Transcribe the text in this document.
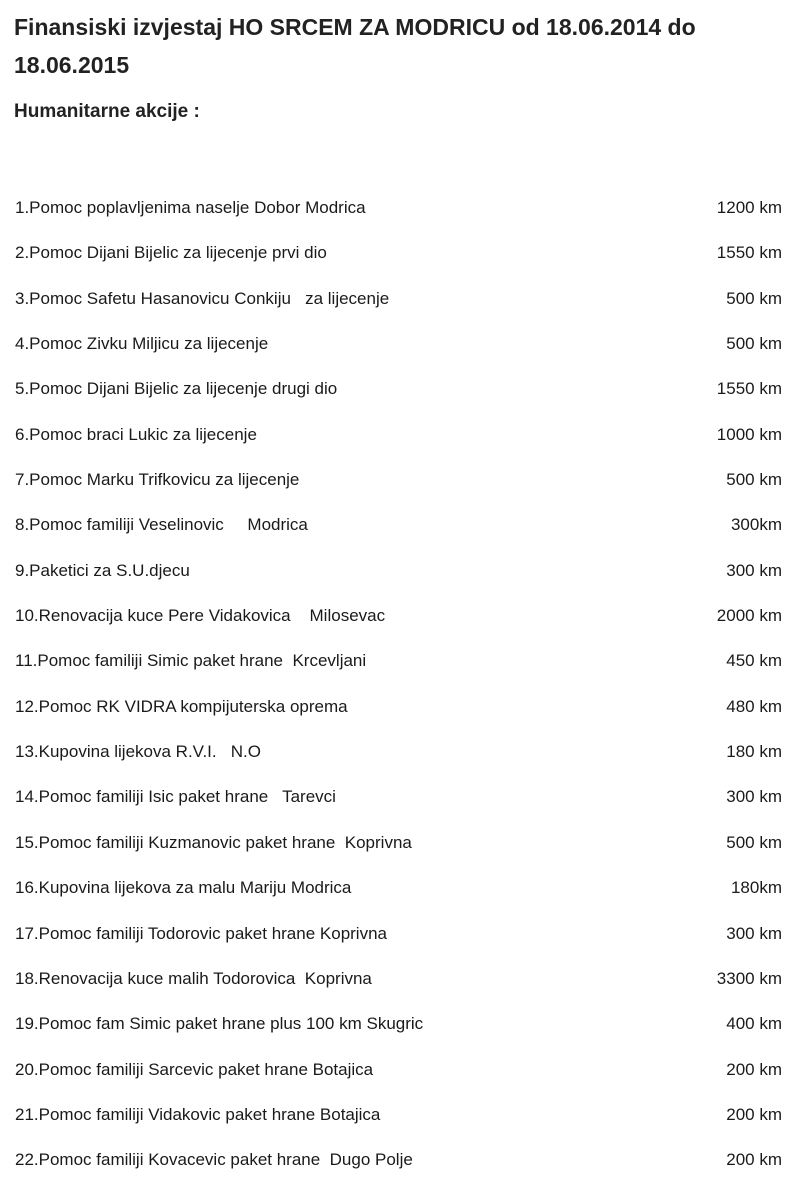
Finansiski izvjestaj HO SRCEM ZA MODRICU od 18.06.2014 do 18.06.2015
Humanitarne akcije :
1.Pomoc poplavljenima naselje Dobor Modrica	1200 km
2.Pomoc Dijani Bijelic za lijecenje prvi dio	1550 km
3.Pomoc Safetu Hasanovicu Conkiju   za lijecenje	500 km
4.Pomoc Zivku Miljicu za lijecenje	500 km
5.Pomoc Dijani Bijelic za lijecenje drugi dio	1550 km
6.Pomoc braci Lukic za lijecenje	1000 km
7.Pomoc Marku Trifkovicu za lijecenje	500 km
8.Pomoc familiji Veselinovic     Modrica	300km
9.Paketici za S.U.djecu	300 km
10.Renovacija kuce Pere Vidakovica    Milosevac	2000 km
11.Pomoc familiji Simic paket hrane  Krcevljani	450 km
12.Pomoc RK VIDRA kompijuterska oprema	480 km
13.Kupovina lijekova R.V.I.   N.O	180 km
14.Pomoc familiji Isic paket hrane   Tarevci	300 km
15.Pomoc familiji Kuzmanovic paket hrane  Koprivna	500 km
16.Kupovina lijekova za malu Mariju Modrica	180km
17.Pomoc familiji Todorovic paket hrane Koprivna	300 km
18.Renovacija kuce malih Todorovica  Koprivna	3300 km
19.Pomoc fam Simic paket hrane plus 100 km Skugric	400 km
20.Pomoc familiji Sarcevic paket hrane Botajica	200 km
21.Pomoc familiji Vidakovic paket hrane Botajica	200 km
22.Pomoc familiji Kovacevic paket hrane  Dugo Polje	200 km
